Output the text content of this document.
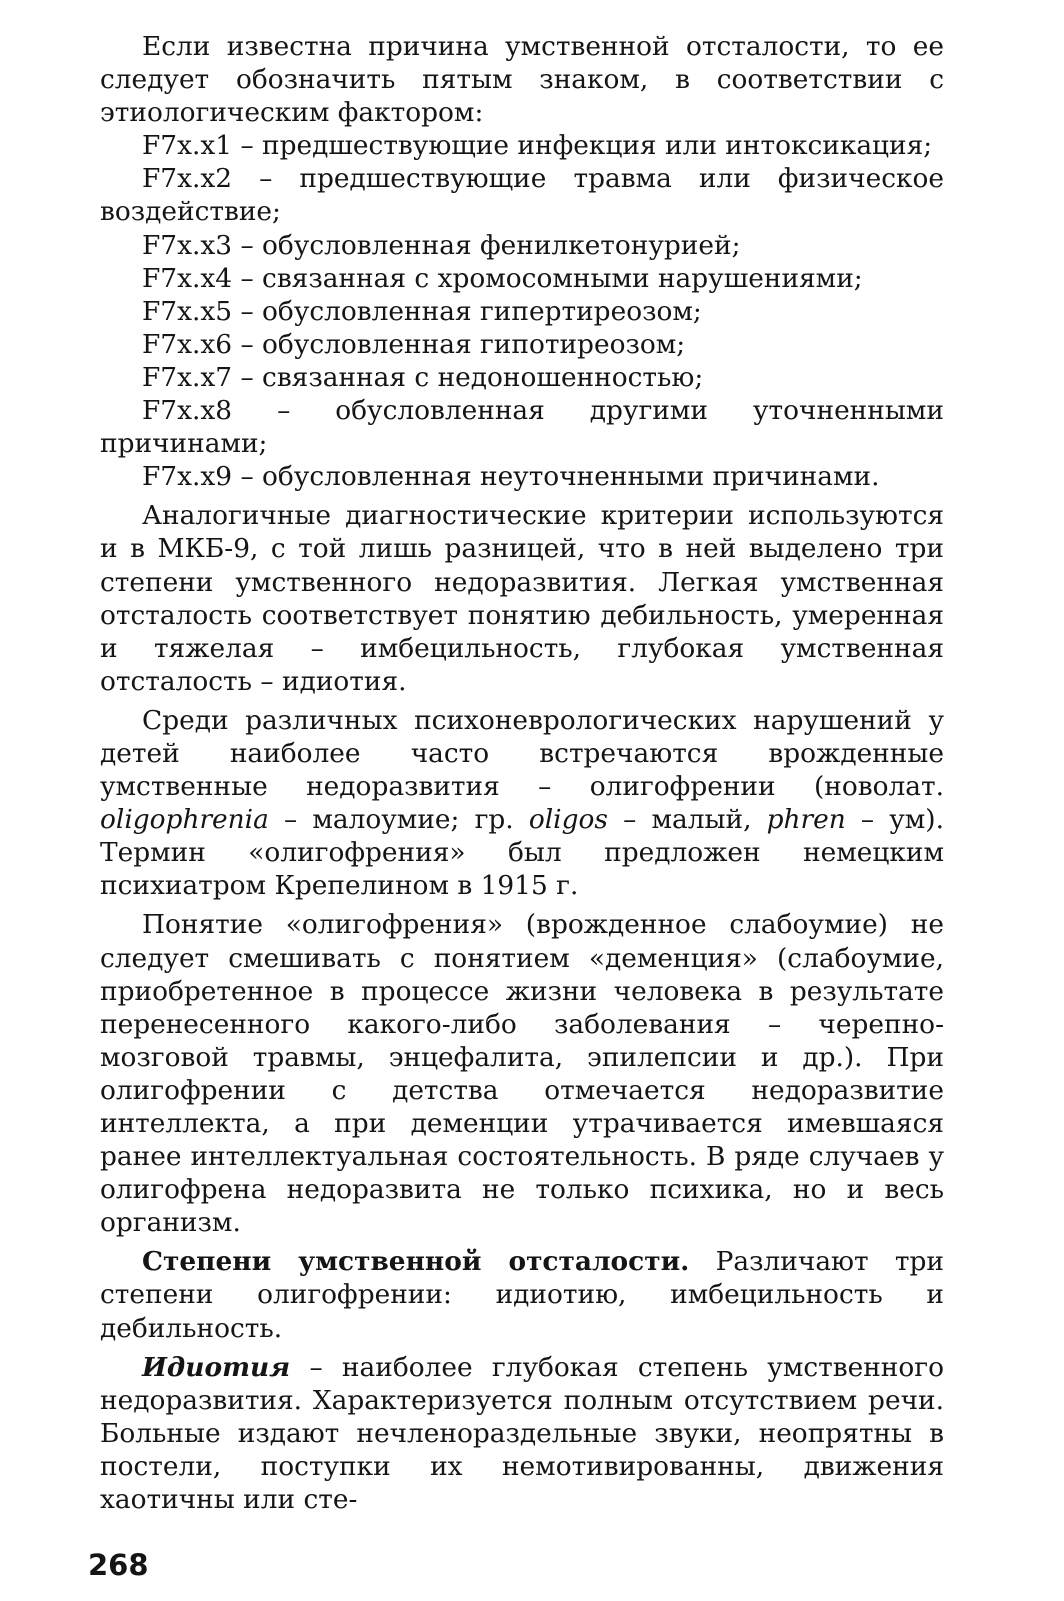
Если известна причина умственной отсталости, то ее следует обозначить пятым знаком, в соответствии с этиологическим фактором:

F7x.x1 – предшествующие инфекция или интоксикация;

F7x.x2 – предшествующие травма или физическое воздействие;

F7x.x3 – обусловленная фенилкетонурией;

F7x.x4 – связанная с хромосомными нарушениями;

F7x.x5 – обусловленная гипертиреозом;

F7x.x6 – обусловленная гипотиреозом;

F7x.x7 – связанная с недоношенностью;

F7x.x8 – обусловленная другими уточненными причинами;

F7x.x9 – обусловленная неуточненными причинами.

Аналогичные диагностические критерии используются и в МКБ-9, с той лишь разницей, что в ней выделено три степени умственного недоразвития. Легкая умственная отсталость соответствует понятию дебильность, умеренная и тяжелая – имбецильность, глубокая умственная отсталость – идиотия.

Среди различных психоневрологических нарушений у детей наиболее часто встречаются врожденные умственные недоразвития – олигофрении (новолат. oligophrenia – малоумие; гр. oligos – малый, phren – ум). Термин «олигофрения» был предложен немецким психиатром Крепелином в 1915 г.

Понятие «олигофрения» (врожденное слабоумие) не следует смешивать с понятием «деменция» (слабоумие, приобретенное в процессе жизни человека в результате перенесенного какого-либо заболевания – черепно-мозговой травмы, энцефалита, эпилепсии и др.). При олигофрении с детства отмечается недоразвитие интеллекта, а при деменции утрачивается имевшаяся ранее интеллектуальная состоятельность. В ряде случаев у олигофрена недоразвита не только психика, но и весь организм.

Степени умственной отсталости. Различают три степени олигофрении: идиотию, имбецильность и дебильность.

Идиотия – наиболее глубокая степень умственного недоразвития. Характеризуется полным отсутствием речи. Больные издают нечленораздельные звуки, неопрятны в постели, поступки их немотивированны, движения хаотичны или сте-

268
